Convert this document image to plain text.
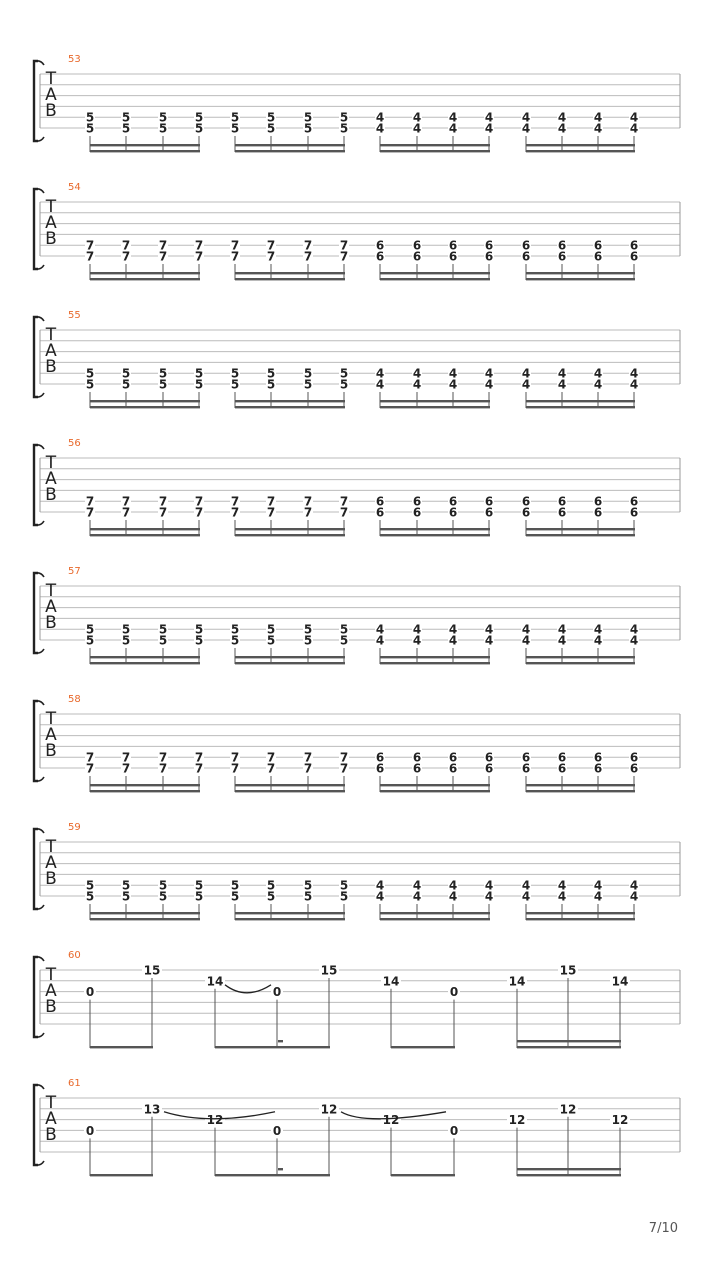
T
A
B
53
5
5
5
5
5
5
5
5
5
5
5
5
5
5
5
5
4
4
4
4
4
4
4
4
4
4
4
4
4
4
4
4
T
A
B
54
7
7
7
7
7
7
7
7
7
7
7
7
7
7
7
7
6
6
6
6
6
6
6
6
6
6
6
6
6
6
6
6
T
A
B
55
5
5
5
5
5
5
5
5
5
5
5
5
5
5
5
5
4
4
4
4
4
4
4
4
4
4
4
4
4
4
4
4
T
A
B
56
7
7
7
7
7
7
7
7
7
7
7
7
7
7
7
7
6
6
6
6
6
6
6
6
6
6
6
6
6
6
6
6
T
A
B
57
5
5
5
5
5
5
5
5
5
5
5
5
5
5
5
5
4
4
4
4
4
4
4
4
4
4
4
4
4
4
4
4
T
A
B
58
7
7
7
7
7
7
7
7
7
7
7
7
7
7
7
7
6
6
6
6
6
6
6
6
6
6
6
6
6
6
6
6
T
A
B
59
5
5
5
5
5
5
5
5
5
5
5
5
5
5
5
5
4
4
4
4
4
4
4
4
4
4
4
4
4
4
4
4
T
A
B
60
0
15
14
0
15
14
0
14
15
14
T
A
B
61
0
13
12
0
12
12
0
12
12
12
7/10
